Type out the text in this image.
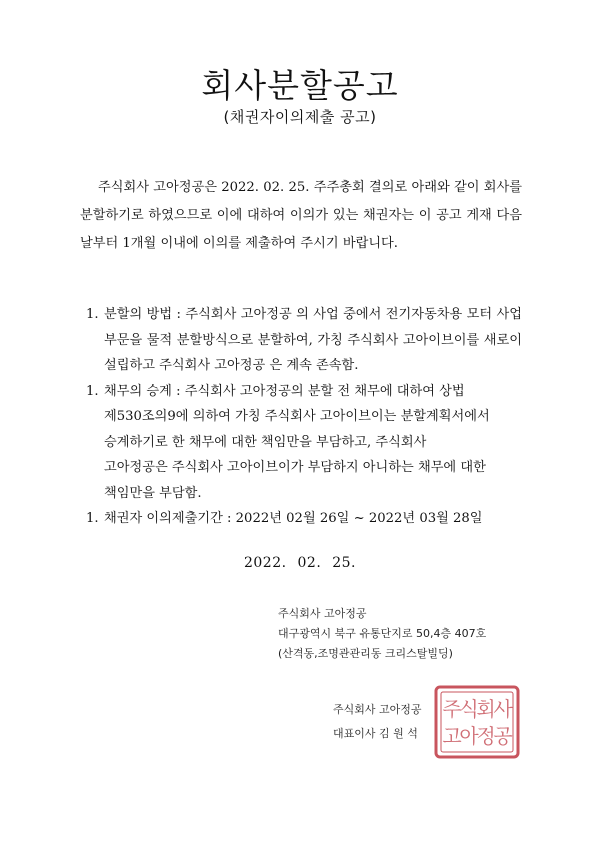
회사분할공고
(채권자이의제출 공고)

주식회사 고아정공은 2022. 02. 25. 주주총회 결의로 아래와 같이 회사를 분할하기로 하였으므로 이에 대하여 이의가 있는 채권자는 이 공고 게재 다음날부터 1개월 이내에 이의를 제출하여 주시기 바랍니다.

1. 분할의 방법 : 주식회사 고아정공 의 사업 중에서 전기자동차용 모터 사업부문을 물적 분할방식으로 분할하여, 가칭 주식회사 고아이브이를 새로이 설립하고 주식회사 고아정공 은 계속 존속함.
1. 채무의 승계 : 주식회사 고아정공의 분할 전 채무에 대하여 상법
제530조의9에 의하여 가칭 주식회사 고아이브이는 분할계획서에서
승계하기로 한 채무에 대한 책임만을 부담하고, 주식회사
고아정공은 주식회사 고아이브이가 부담하지 아니하는 채무에 대한
책임만을 부담함.
1. 채권자 이의제출기간 : 2022년 02월 26일 ~ 2022년 03월 28일
2022. 02. 25.
주식회사 고아정공
대구광역시 북구 유통단지로 50,4층 407호
(산격동,조명관관리동 크리스탈빌딩)
주식회사 고아정공
대표이사 김 원 석
주
고
식
아
회
정
사
공
